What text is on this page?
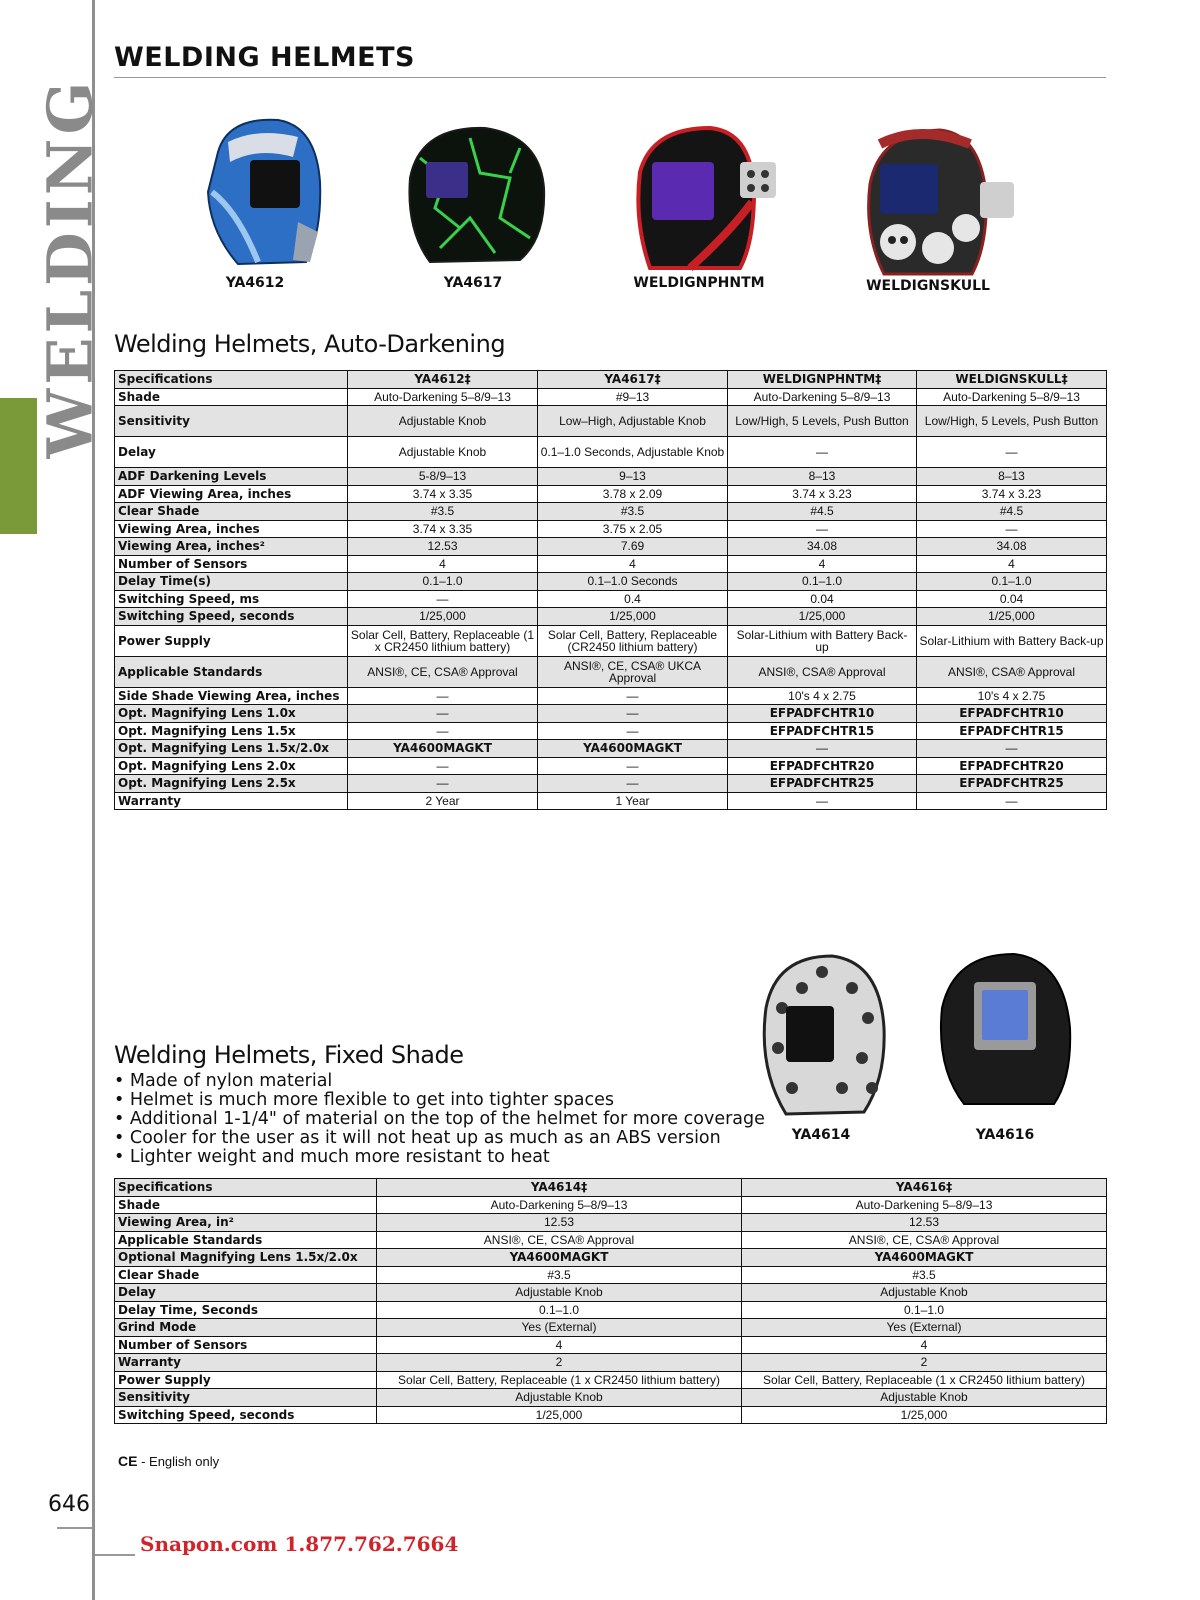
WELDING
WELDING HELMETS
YA4612	YA4617	WELDIGNPHNTM	WELDIGNSKULL
Welding Helmets, Auto-Darkening
Specifications	YA4612‡	YA4617‡	WELDIGNPHNTM‡	WELDIGNSKULL‡
Shade	Auto-Darkening 5–8/9–13	#9–13	Auto-Darkening 5–8/9–13	Auto-Darkening 5–8/9–13
Sensitivity	Adjustable Knob	Low–High, Adjustable Knob	Low/High, 5 Levels, Push Button	Low/High, 5 Levels, Push Button
Delay	Adjustable Knob	0.1–1.0 Seconds, Adjustable Knob	—	—
ADF Darkening Levels	5-8/9–13	9–13	8–13	8–13
ADF Viewing Area, inches	3.74 x 3.35	3.78 x 2.09	3.74 x 3.23	3.74 x 3.23
Clear Shade	#3.5	#3.5	#4.5	#4.5
Viewing Area, inches	3.74 x 3.35	3.75 x 2.05	—	—
Viewing Area, inches²	12.53	7.69	34.08	34.08
Number of Sensors	4	4	4	4
Delay Time(s)	0.1–1.0	0.1–1.0 Seconds	0.1–1.0	0.1–1.0
Switching Speed, ms	—	0.4	0.04	0.04
Switching Speed, seconds	1/25,000	1/25,000	1/25,000	1/25,000
Power Supply	Solar Cell, Battery, Replaceable (1 x CR2450 lithium battery)	Solar Cell, Battery, Replaceable (CR2450 lithium battery)	Solar-Lithium with Battery Back-up	Solar-Lithium with Battery Back-up
Applicable Standards	ANSI®, CE, CSA® Approval	ANSI®, CE, CSA® UKCA Approval	ANSI®, CSA® Approval	ANSI®, CSA® Approval
Side Shade Viewing Area, inches	—	—	10's 4 x 2.75	10's 4 x 2.75
Opt. Magnifying Lens 1.0x	—	—	EFPADFCHTR10	EFPADFCHTR10
Opt. Magnifying Lens 1.5x	—	—	EFPADFCHTR15	EFPADFCHTR15
Opt. Magnifying Lens 1.5x/2.0x	YA4600MAGKT	YA4600MAGKT	—	—
Opt. Magnifying Lens 2.0x	—	—	EFPADFCHTR20	EFPADFCHTR20
Opt. Magnifying Lens 2.5x	—	—	EFPADFCHTR25	EFPADFCHTR25
Warranty	2 Year	1 Year	—	—
YA4614	YA4616
Welding Helmets, Fixed Shade
• Made of nylon material
• Helmet is much more flexible to get into tighter spaces
• Additional 1-1/4" of material on the top of the helmet for more coverage
• Cooler for the user as it will not heat up as much as an ABS version
• Lighter weight and much more resistant to heat
Specifications	YA4614‡	YA4616‡
Shade	Auto-Darkening 5–8/9–13	Auto-Darkening 5–8/9–13
Viewing Area, in²	12.53	12.53
Applicable Standards	ANSI®, CE, CSA® Approval	ANSI®, CE, CSA® Approval
Optional Magnifying Lens 1.5x/2.0x	YA4600MAGKT	YA4600MAGKT
Clear Shade	#3.5	#3.5
Delay	Adjustable Knob	Adjustable Knob
Delay Time, Seconds	0.1–1.0	0.1–1.0
Grind Mode	Yes (External)	Yes (External)
Number of Sensors	4	4
Warranty	2	2
Power Supply	Solar Cell, Battery, Replaceable (1 x CR2450 lithium battery)	Solar Cell, Battery, Replaceable (1 x CR2450 lithium battery)
Sensitivity	Adjustable Knob	Adjustable Knob
Switching Speed, seconds	1/25,000	1/25,000
CE - English only
646
Snapon.com 1.877.762.7664
